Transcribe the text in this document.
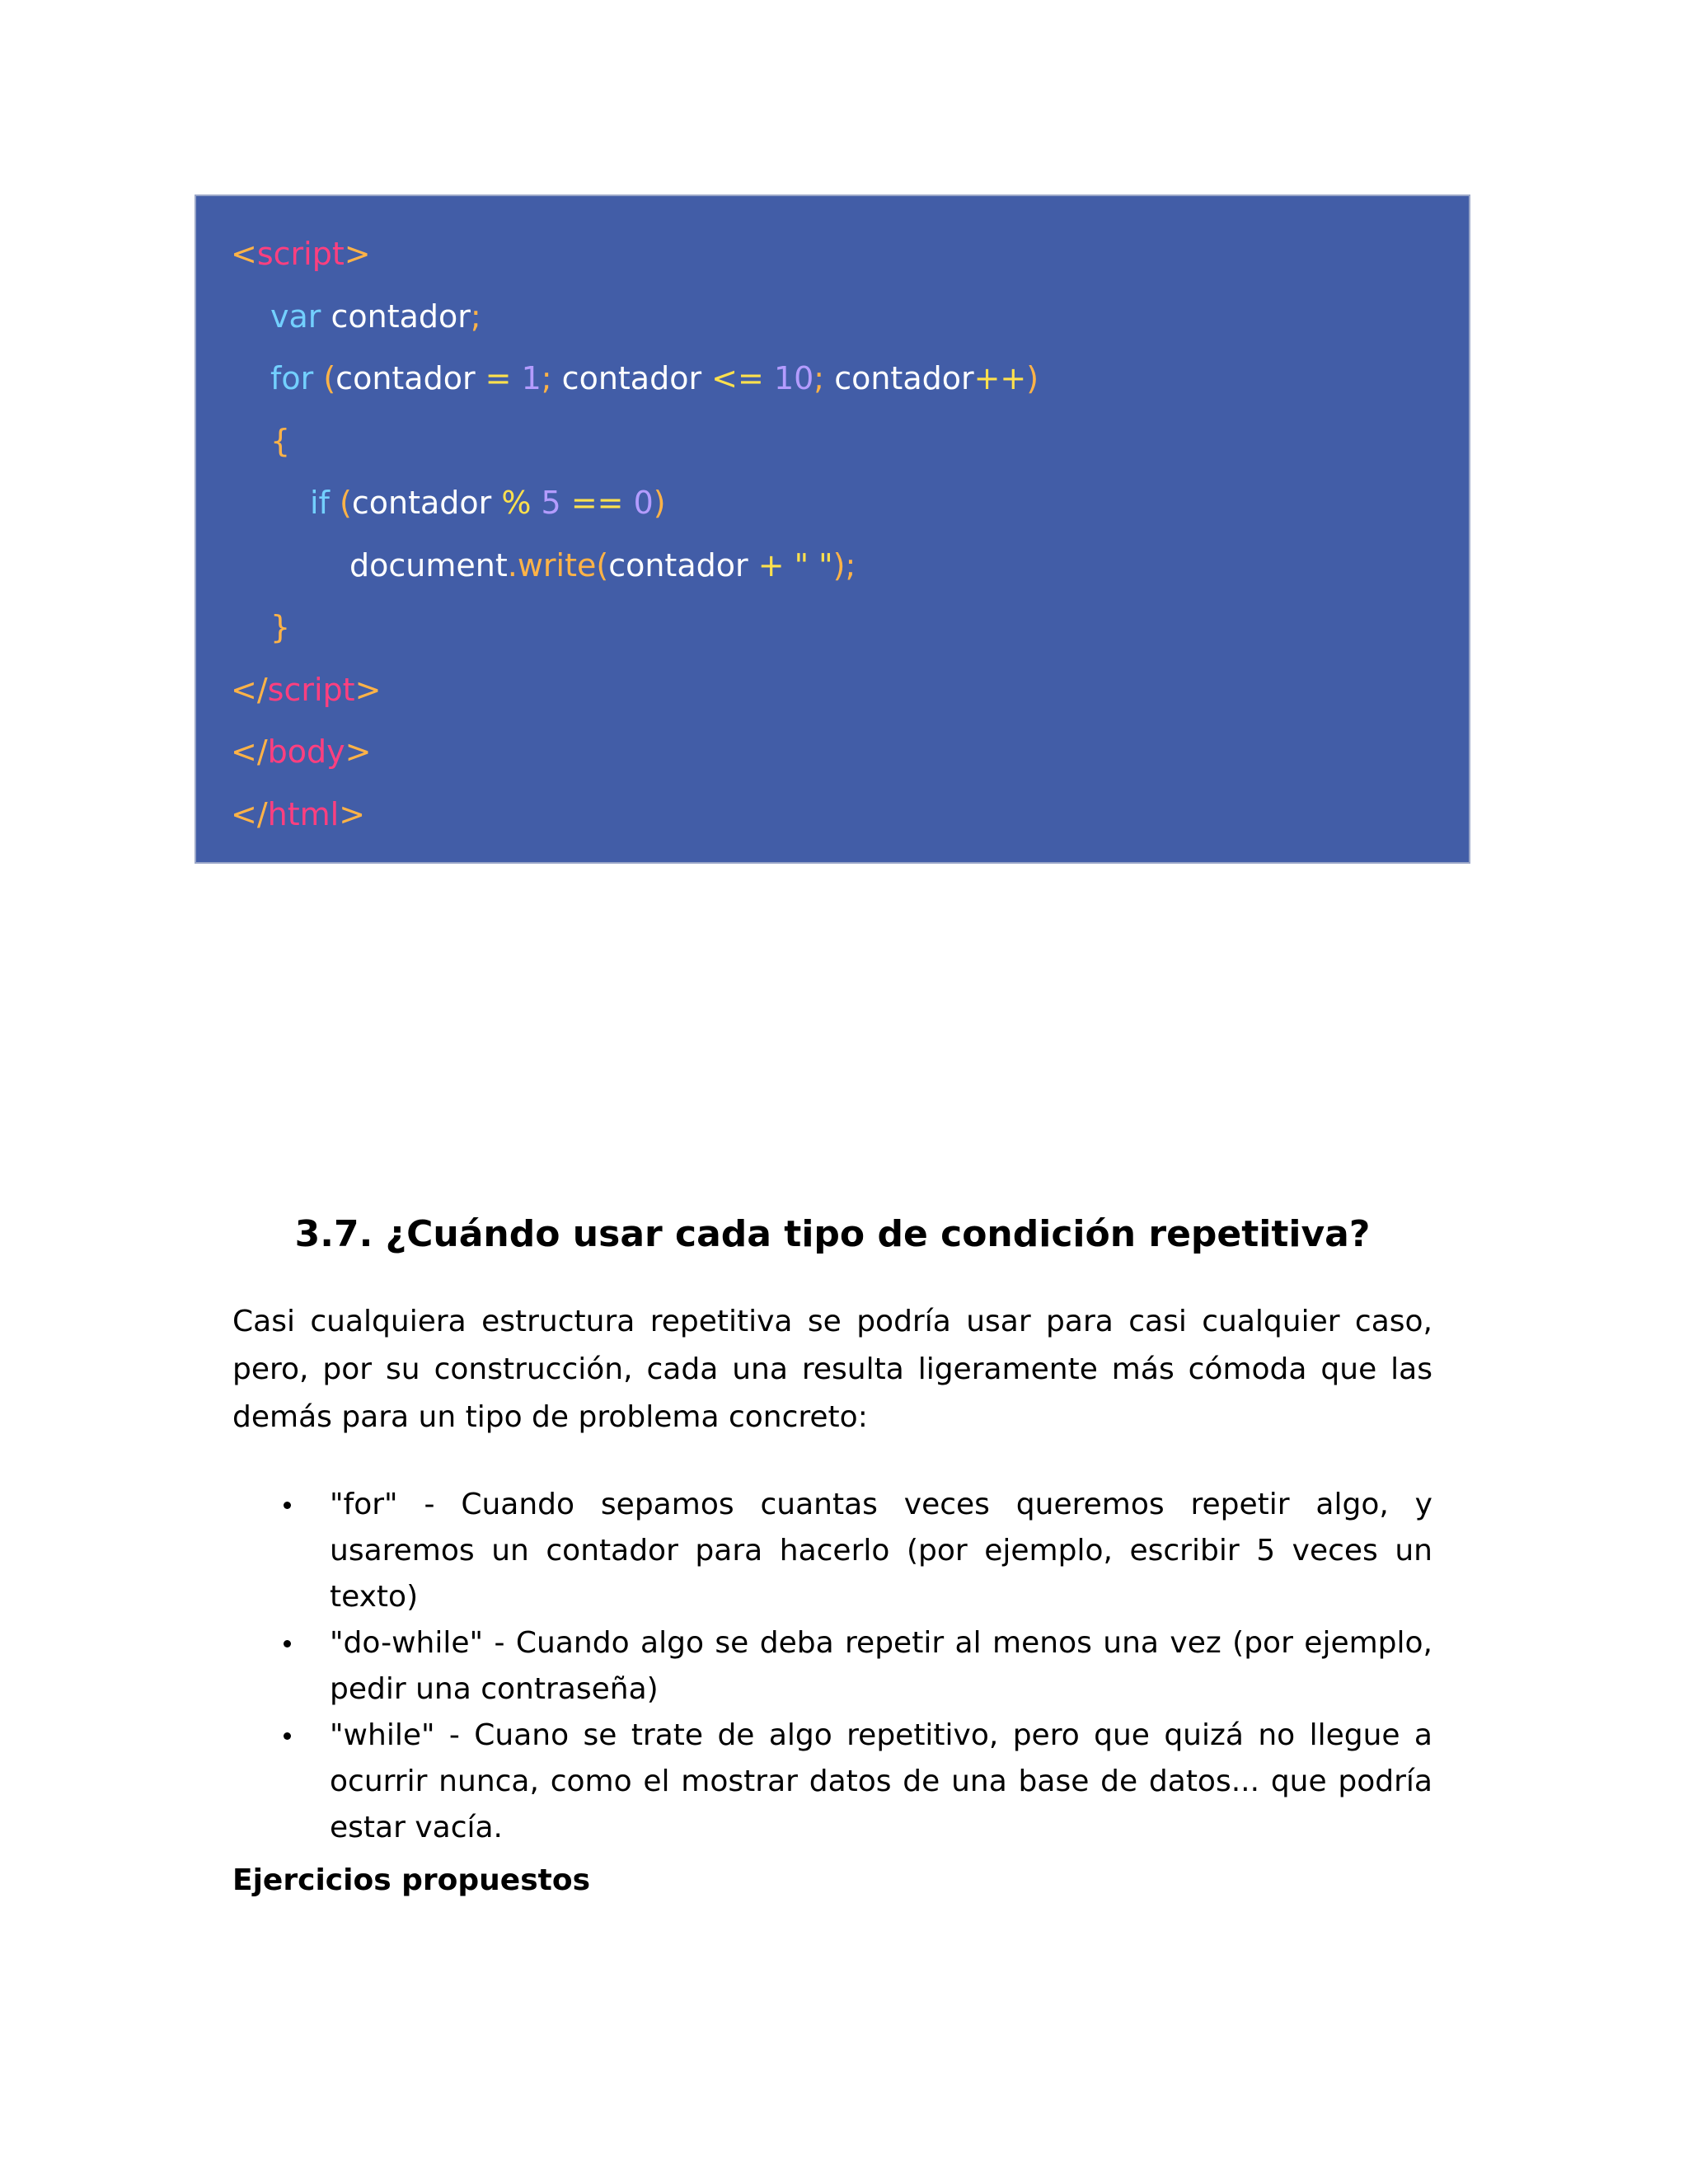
<script>
var contador;
for (contador = 1; contador <= 10; contador++)
{
if (contador % 5 == 0)
document.write(contador + " ");
}
</script>
</body>
</html>
3.7. ¿Cuándo usar cada tipo de condición repetitiva?

Casi cualquiera estructura repetitiva se podría usar para casi cualquier caso, pero, por su construcción, cada una resulta ligeramente más cómoda que las demás para un tipo de problema concreto:

"for" - Cuando sepamos cuantas veces queremos repetir algo, y usaremos un contador para hacerlo (por ejemplo, escribir 5 veces un texto)
"do-while" - Cuando algo se deba repetir al menos una vez (por ejemplo, pedir una contraseña)
"while" - Cuano se trate de algo repetitivo, pero que quizá no llegue a ocurrir nunca, como el mostrar datos de una base de datos... que podría estar vacía.
Ejercicios propuestos
